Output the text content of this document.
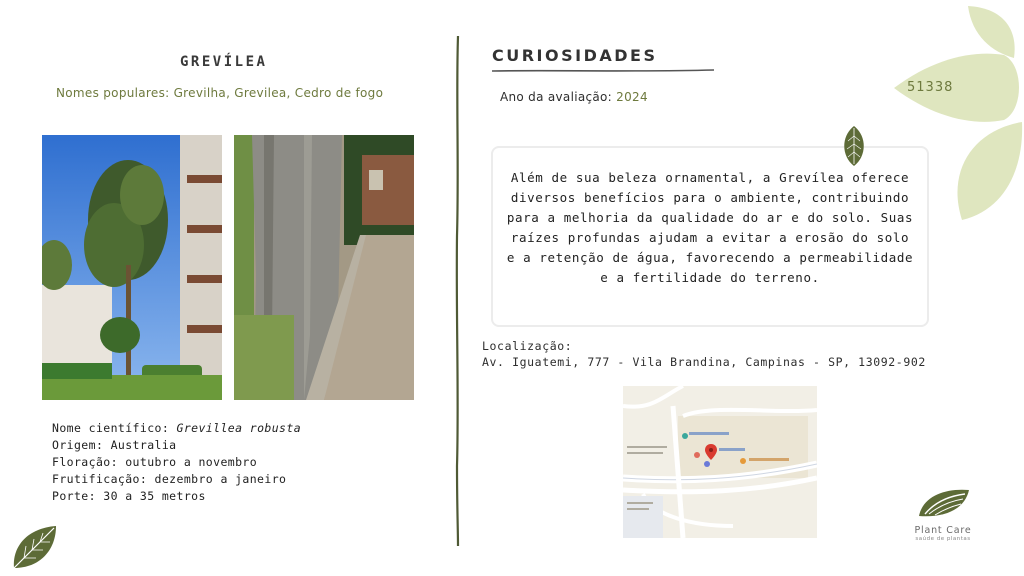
GREVÍLEA
Nomes populares: Grevilha, Grevilea, Cedro de fogo
Nome científico: Grevillea robusta
Origem: Australia
Floração: outubro a novembro
Frutificação: dezembro a janeiro
Porte: 30 a 35 metros
CURIOSIDADES
Ano da avaliação: 2024
Além de sua beleza ornamental, a Grevílea oferece diversos benefícios para o ambiente, contribuindo para a melhoria da qualidade do ar e do solo. Suas raízes profundas ajudam a evitar a erosão do solo e a retenção de água, favorecendo a permeabilidade e a fertilidade do terreno.
Localização:
Av. Iguatemi, 777 - Vila Brandina, Campinas - SP, 13092-902
51338
Plant Care
saúde de plantas
